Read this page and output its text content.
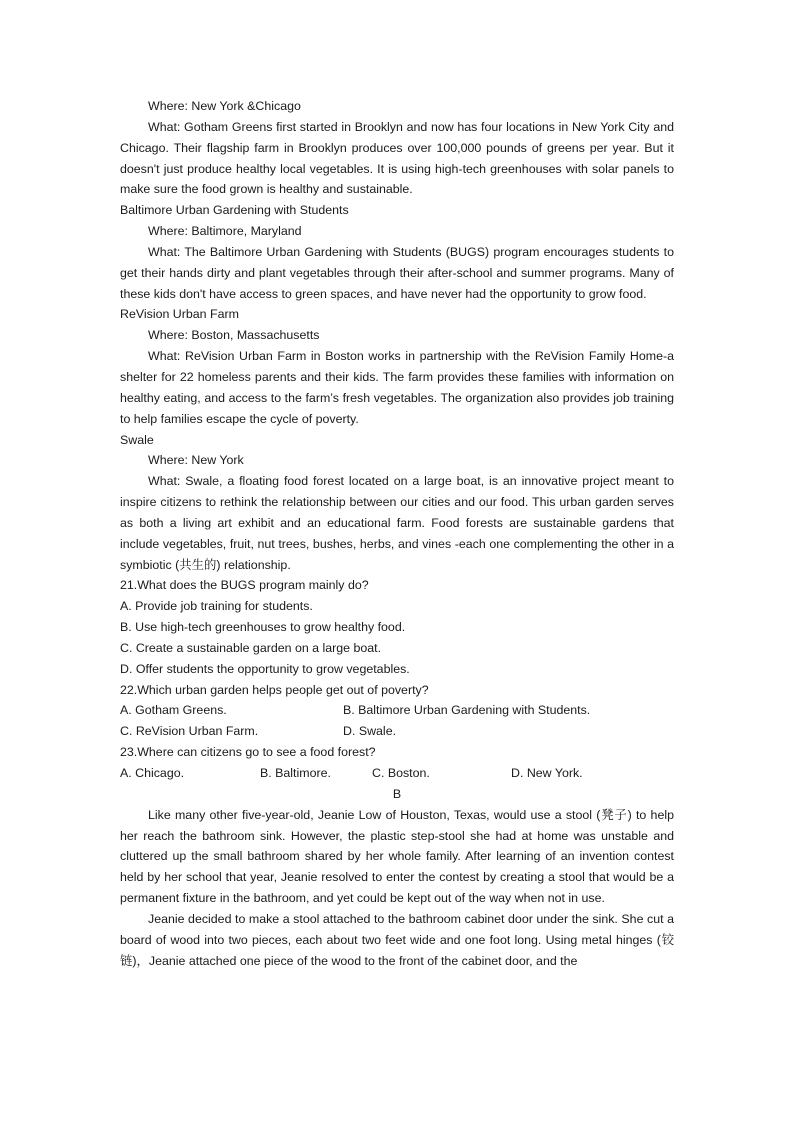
Where: New York &Chicago

What: Gotham Greens first started in Brooklyn and now has four locations in New York City and Chicago. Their flagship farm in Brooklyn produces over 100,000 pounds of greens per year. But it doesn't just produce healthy local vegetables. It is using high-tech greenhouses with solar panels to make sure the food grown is healthy and sustainable.

Baltimore Urban Gardening with Students

Where: Baltimore, Maryland

What: The Baltimore Urban Gardening with Students (BUGS) program encourages students to get their hands dirty and plant vegetables through their after-school and summer programs. Many of these kids don't have access to green spaces, and have never had the opportunity to grow food.

ReVision Urban Farm

Where: Boston, Massachusetts

What: ReVision Urban Farm in Boston works in partnership with the ReVision Family Home-a shelter for 22 homeless parents and their kids. The farm provides these families with information on healthy eating, and access to the farm’s fresh vegetables. The organization also provides job training to help families escape the cycle of poverty.

Swale

Where: New York

What: Swale, a floating food forest located on a large boat, is an innovative project meant to inspire citizens to rethink the relationship between our cities and our food. This urban garden serves as both a living art exhibit and an educational farm. Food forests are sustainable gardens that include vegetables, fruit, nut trees, bushes, herbs, and vines -each one complementing the other in a symbiotic (共生的) relationship.

21.What does the BUGS program mainly do?

A. Provide job training for students.

B. Use high-tech greenhouses to grow healthy food.

C. Create a sustainable garden on a large boat.

D. Offer students the opportunity to grow vegetables.

22.Which urban garden helps people get out of poverty?

A. Gotham Greens.	B. Baltimore Urban Gardening with Students.
C. ReVision Urban Farm.	D. Swale.

23.Where can citizens go to see a food forest?

A. Chicago.	B. Baltimore.	C. Boston.	D. New York.

B

Like many other five-year-old, Jeanie Low of Houston, Texas, would use a stool (凳子) to help her reach the bathroom sink. However, the plastic step-stool she had at home was unstable and cluttered up the small bathroom shared by her whole family. After learning of an invention contest held by her school that year, Jeanie resolved to enter the contest by creating a stool that would be a permanent fixture in the bathroom, and yet could be kept out of the way when not in use.

Jeanie decided to make a stool attached to the bathroom cabinet door under the sink. She cut a board of wood into two pieces, each about two feet wide and one foot long. Using metal hinges (铰链)，Jeanie attached one piece of the wood to the front of the cabinet door, and the
